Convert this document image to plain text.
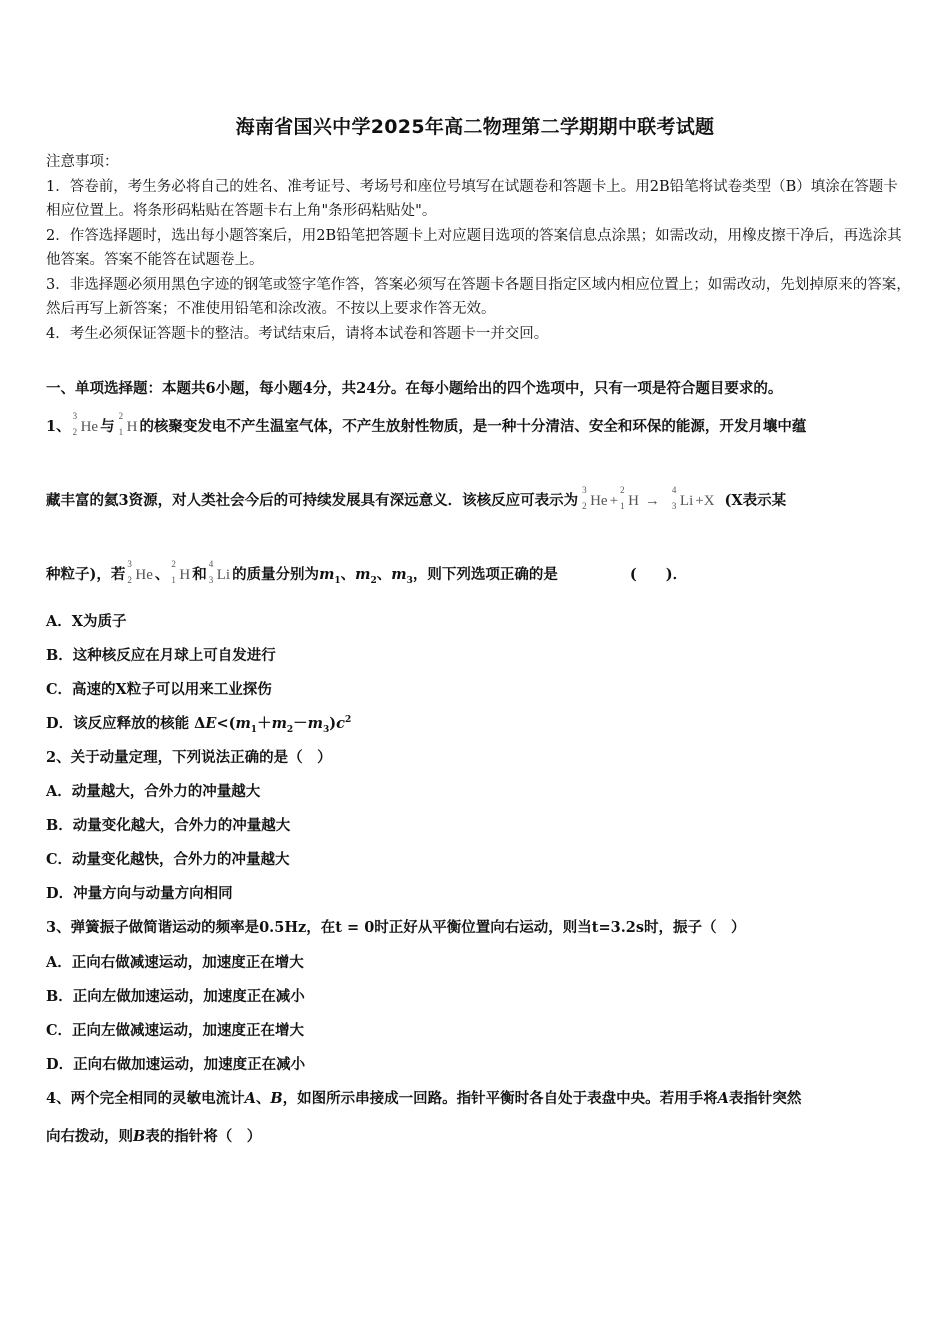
海南省国兴中学2025年高二物理第二学期期中联考试题

注意事项：

1．答卷前，考生务必将自己的姓名、准考证号、考场号和座位号填写在试题卷和答题卡上。用2B铅笔将试卷类型（B）填涂在答题卡相应位置上。将条形码粘贴在答题卡右上角"条形码粘贴处"。

2．作答选择题时，选出每小题答案后，用2B铅笔把答题卡上对应题目选项的答案信息点涂黑；如需改动，用橡皮擦干净后，再选涂其他答案。答案不能答在试题卷上。

3．非选择题必须用黑色字迹的钢笔或签字笔作答，答案必须写在答题卡各题目指定区域内相应位置上；如需改动，先划掉原来的答案，然后再写上新答案；不准使用铅笔和涂改液。不按以上要求作答无效。

4．考生必须保证答题卡的整洁。考试结束后，请将本试卷和答题卡一并交回。

一、单项选择题：本题共6小题，每小题4分，共24分。在每小题给出的四个选项中，只有一项是符合题目要求的。
1、
3
2 He 与
2
1 H 的核聚变发电不产生温室气体，不产生放射性物质，是一种十分清洁、安全和环保的能源，开发月壤中蕴
藏丰富的氦3资源，对人类社会今后的可持续发展具有深远意义．该核反应可表示为
3
2 He +
2
1 H →
4
3 Li +X (X表示某
种粒子)，若
3
2 He 、
2
1 H 和
4
3 Li 的质量分别为$m_1$、$m_2$、$m_3$，则下列选项正确的是	(　　)．
A．X为质子
B．这种核反应在月球上可自发进行
C．高速的X粒子可以用来工业探伤
D．该反应释放的核能 $\Delta E<(m_1+m_2-m_3)c^2$
2、关于动量定理，下列说法正确的是（　）
A．动量越大，合外力的冲量越大
B．动量变化越大，合外力的冲量越大
C．动量变化越快，合外力的冲量越大
D．冲量方向与动量方向相同
3、弹簧振子做简谐运动的频率是0.5Hz，在t = 0时正好从平衡位置向右运动，则当t=3.2s时，振子（　）
A．正向右做减速运动，加速度正在增大
B．正向左做加速运动，加速度正在减小
C．正向左做减速运动，加速度正在增大
D．正向右做加速运动，加速度正在减小
4、两个完全相同的灵敏电流计A、B，如图所示串接成一回路。指针平衡时各自处于表盘中央。若用手将A表指针突然
向右拨动，则B表的指针将（　）
